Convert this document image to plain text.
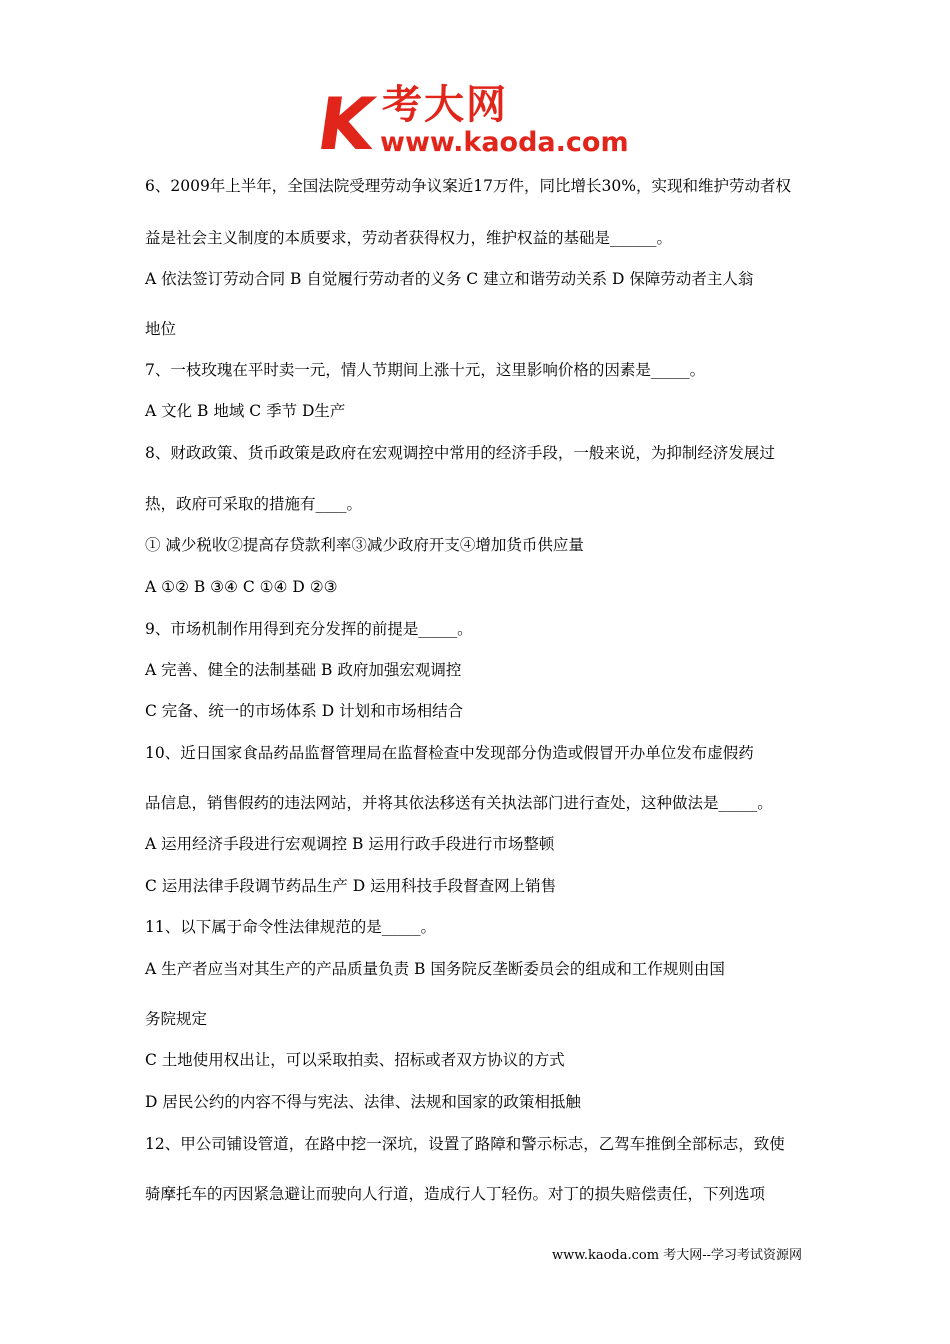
K 考大网
www.kaoda.com
6、2009年上半年，全国法院受理劳动争议案近17万件，同比增长30%，实现和维护劳动者权
益是社会主义制度的本质要求，劳动者获得权力，维护权益的基础是______。
A 依法签订劳动合同 B 自觉履行劳动者的义务 C 建立和谐劳动关系 D 保障劳动者主人翁
地位
7、一枝玫瑰在平时卖一元，情人节期间上涨十元，这里影响价格的因素是_____。
A 文化 B 地域 C 季节 D生产
8、财政政策、货币政策是政府在宏观调控中常用的经济手段，一般来说，为抑制经济发展过
热，政府可采取的措施有____。
① 减少税收②提高存贷款利率③减少政府开支④增加货币供应量
A ①② B ③④ C ①④ D ②③
9、市场机制作用得到充分发挥的前提是_____。
A 完善、健全的法制基础 B 政府加强宏观调控
C 完备、统一的市场体系 D 计划和市场相结合
10、近日国家食品药品监督管理局在监督检查中发现部分伪造或假冒开办单位发布虚假药
品信息，销售假药的违法网站，并将其依法移送有关执法部门进行查处，这种做法是_____。
A 运用经济手段进行宏观调控 B 运用行政手段进行市场整顿
C 运用法律手段调节药品生产 D 运用科技手段督查网上销售
11、以下属于命令性法律规范的是_____。
A 生产者应当对其生产的产品质量负责 B 国务院反垄断委员会的组成和工作规则由国
务院规定
C 土地使用权出让，可以采取拍卖、招标或者双方协议的方式
D 居民公约的内容不得与宪法、法律、法规和国家的政策相抵触
12、甲公司铺设管道，在路中挖一深坑，设置了路障和警示标志，乙驾车推倒全部标志，致使
骑摩托车的丙因紧急避让而驶向人行道，造成行人丁轻伤。对丁的损失赔偿责任，下列选项
www.kaoda.com 考大网--学习考试资源网
